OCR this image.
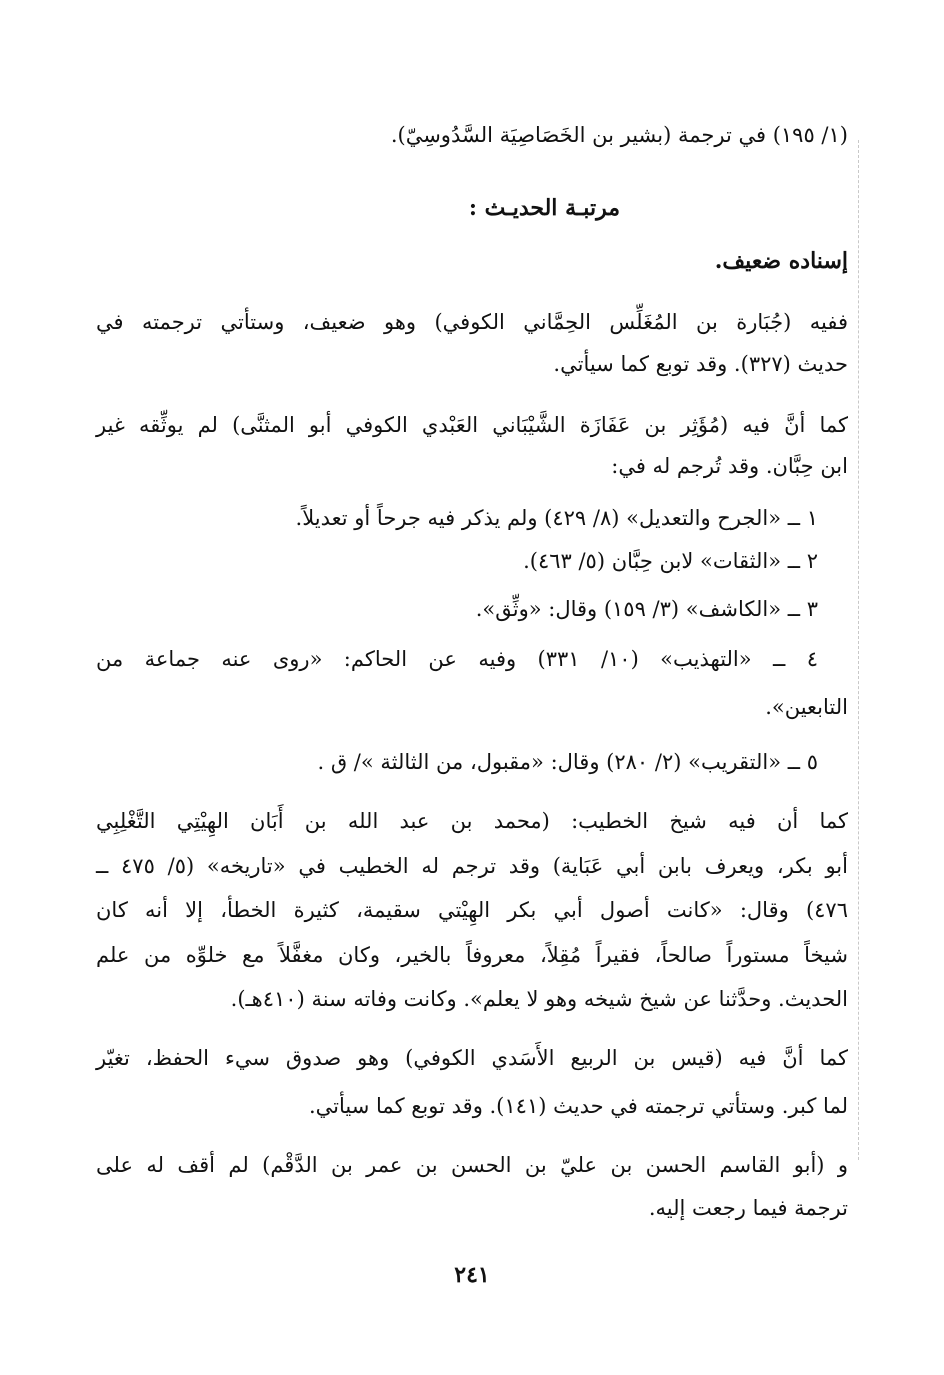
(١/ ١٩٥) في ترجمة (بشير بن الخَصَاصِيَة السَّدُوسِيّ).
مرتبـة الحديـث :
إسناده ضعيف.
ففيه (جُبَارة بن المُغَلِّس الحِمَّاني الكوفي) وهو ضعيف، وستأتي ترجمته في
حديث (٣٢٧). وقد توبع كما سيأتي.
كما أنَّ فيه (مُؤَثِر بن عَفَازَة الشَّيْبَاني العَبْدي الكوفي أبو المثنَّى) لم يوثِّقه غير
ابن حِبَّان. وقد تُرجم له في:
١ ــ «الجرح والتعديل» (٨/ ٤٢٩) ولم يذكر فيه جرحاً أو تعديلاً.
٢ ــ «الثقات» لابن حِبَّان (٥/ ٤٦٣).
٣ ــ «الكاشف» (٣/ ١٥٩) وقال: «وثِّق».
٤ ــ «التهذيب» (١٠/ ٣٣١) وفيه عن الحاكم: «روى عنه جماعة من
التابعين».
٥ ــ «التقريب» (٢/ ٢٨٠) وقال: «مقبول، من الثالثة »/ ق .
كما أن فيه شيخ الخطيب: (محمد بن عبد الله بن أَبَان الهِيْتِي التَّغْلِبِي
أبو بكر، ويعرف بابن أبي عَبَاية) وقد ترجم له الخطيب في «تاريخه» (٥/ ٤٧٥ ــ
٤٧٦) وقال: «كانت أصول أبي بكر الهِيْتي سقيمة، كثيرة الخطأ، إلا أنه كان
شيخاً مستوراً صالحاً، فقيراً مُقِلاً، معروفاً بالخير، وكان مغفَّلاً مع خلوِّه من علم
الحديث. وحدَّثنا عن شيخ شيخه وهو لا يعلم». وكانت وفاته سنة (٤١٠هـ).
كما أنَّ فيه (قيس بن الربيع الأَسَدي الكوفي) وهو صدوق سيء الحفظ، تغيّر
لما كبر. وستأتي ترجمته في حديث (١٤١). وقد توبع كما سيأتي.
و (أبو القاسم الحسن بن عليّ بن الحسن بن عمر بن الدَّقْم) لم أقف له على
ترجمة فيما رجعت إليه.
٢٤١
